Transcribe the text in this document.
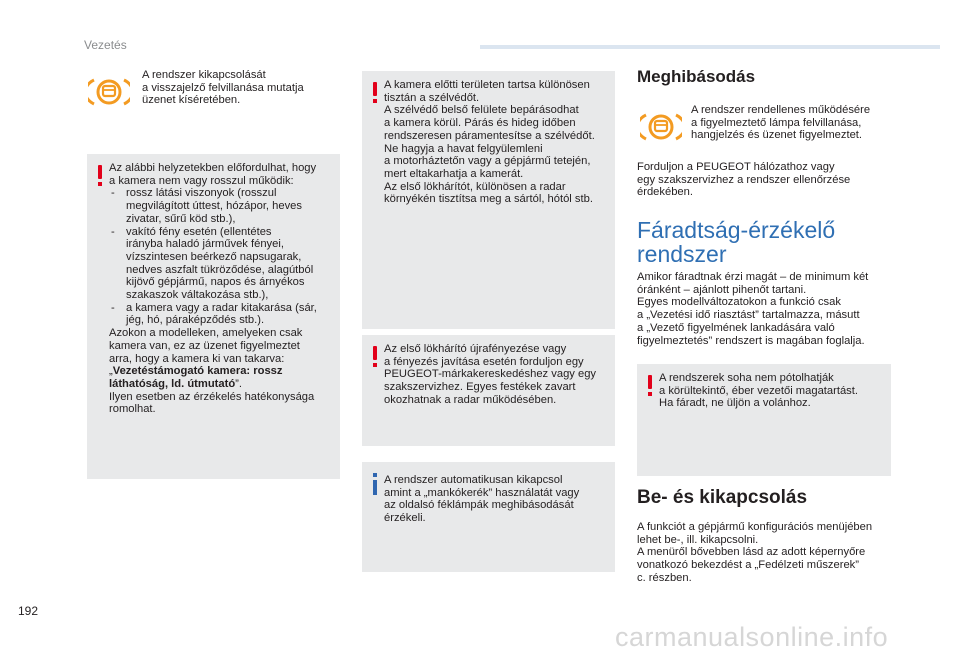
Vezetés
A rendszer kikapcsolását
a visszajelző felvillanása mutatja
üzenet kíséretében.

Az alábbi helyzetekben előfordulhat, hogy
a kamera nem vagy rosszul működik:

- rossz látási viszonyok (rosszul
megvilágított úttest, hózápor, heves
zivatar, sűrű köd stb.),
- vakító fény esetén (ellentétes
irányba haladó járművek fényei,
vízszintesen beérkező napsugarak,
nedves aszfalt tükröződése, alagútból
kijövő gépjármű, napos és árnyékos
szakaszok váltakozása stb.),
- a kamera vagy a radar kitakarása (sár,
jég, hó, páraképződés stb.).

Azokon a modelleken, amelyeken csak
kamera van, ez az üzenet figyelmeztet
arra, hogy a kamera ki van takarva:

„Vezetéstámogató kamera: rossz
láthatóság, ld. útmutató”.

Ilyen esetben az érzékelés hatékonysága
romolhat.

A kamera előtti területen tartsa különösen
tisztán a szélvédőt.
A szélvédő belső felülete bepárásodhat
a kamera körül. Párás és hideg időben
rendszeresen páramentesítse a szélvédőt.
Ne hagyja a havat felgyülemleni
a motorháztetőn vagy a gépjármű tetején,
mert eltakarhatja a kamerát.
Az első lökhárítót, különösen a radar
környékén tisztítsa meg a sártól, hótól stb.
Az első lökhárító újrafényezése vagy
a fényezés javítása esetén forduljon egy
PEUGEOT-márkakereskedéshez vagy egy
szakszervizhez. Egyes festékek zavart
okozhatnak a radar működésében.
A rendszer automatikusan kikapcsol
amint a „mankókerék” használatát vagy
az oldalsó féklámpák meghibásodását
érzékeli.
Meghibásodás
A rendszer rendellenes működésére
a figyelmeztető lámpa felvillanása,
hangjelzés és üzenet figyelmeztet.
Forduljon a PEUGEOT hálózathoz vagy
egy szakszervizhez a rendszer ellenőrzése
érdekében.
Fáradtság-érzékelő
rendszer
Amikor fáradtnak érzi magát – de minimum két
óránként – ajánlott pihenőt tartani.
Egyes modellváltozatokon a funkció csak
a „Vezetési idő riasztást” tartalmazza, másutt
a „Vezető figyelmének lankadására való
figyelmeztetés” rendszert is magában foglalja.
A rendszerek soha nem pótolhatják
a körültekintő, éber vezetői magatartást.
Ha fáradt, ne üljön a volánhoz.
Be- és kikapcsolás
A funkciót a gépjármű konfigurációs menüjében
lehet be-, ill. kikapcsolni.
A menüről bővebben lásd az adott képernyőre
vonatkozó bekezdést a „Fedélzeti műszerek”
c. részben.
192
carmanualsonline.info
